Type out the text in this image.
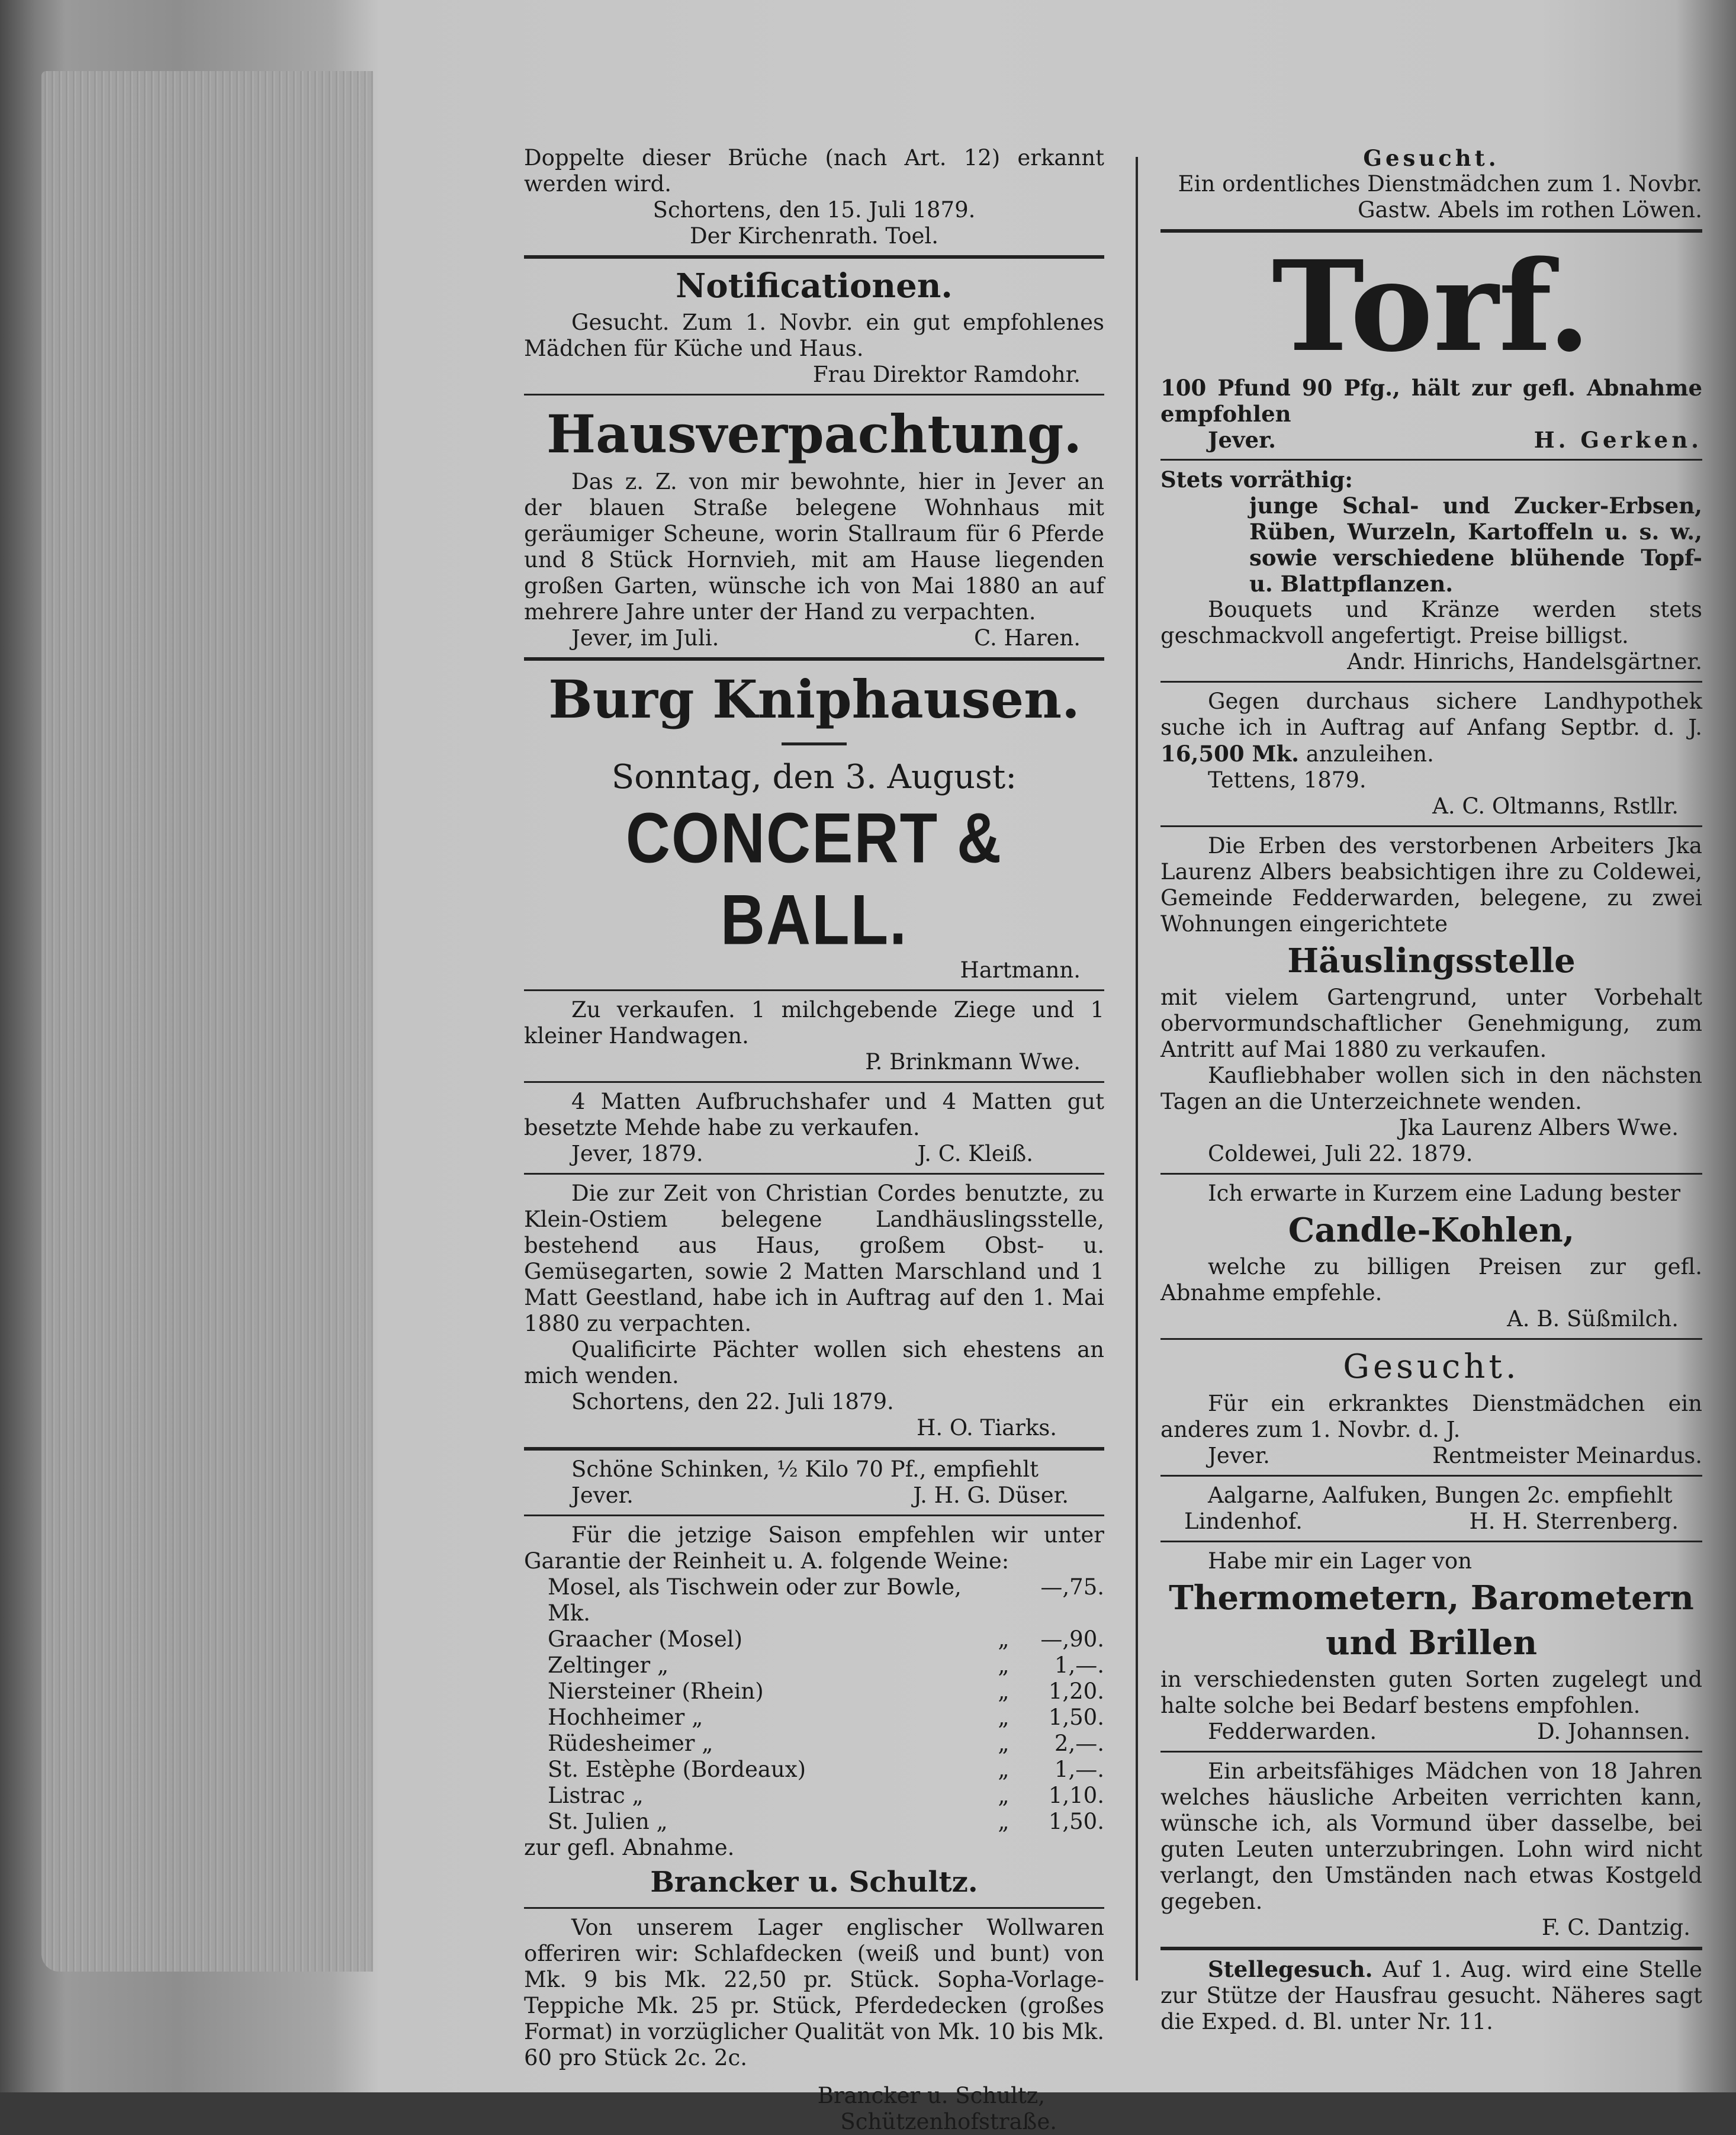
Doppelte dieser Brüche (nach Art. 12) erkannt werden wird.

Schortens, den 15. Juli 1879.

Der Kirchenrath. Toel.

Notificationen.

Gesucht. Zum 1. Novbr. ein gut empfohlenes Mädchen für Küche und Haus.

Frau Direktor Ramdohr.

Hausverpachtung.

Das z. Z. von mir bewohnte, hier in Jever an der blauen Straße belegene Wohnhaus mit geräumiger Scheune, worin Stallraum für 6 Pferde und 8 Stück Hornvieh, mit am Hause liegenden großen Garten, wünsche ich von Mai 1880 an auf mehrere Jahre unter der Hand zu verpachten.

Jever, im Juli.	C. Haren.
Burg Kniphausen.
Sonntag, den 3. August:
CONCERT & BALL.

Hartmann.

Zu verkaufen. 1 milchgebende Ziege und 1 kleiner Handwagen.

P. Brinkmann Wwe.

4 Matten Aufbruchshafer und 4 Matten gut besetzte Mehde habe zu verkaufen.

Jever, 1879.	J. C. Kleiß.

Die zur Zeit von Christian Cordes benutzte, zu Klein-Ostiem belegene Landhäuslingsstelle, bestehend aus Haus, großem Obst- u. Gemüsegarten, sowie 2 Matten Marschland und 1 Matt Geestland, habe ich in Auftrag auf den 1. Mai 1880 zu verpachten.

Qualificirte Pächter wollen sich ehestens an mich wenden.

Schortens, den 22. Juli 1879.

H. O. Tiarks.

Schöne Schinken, ½ Kilo 70 Pf., empfiehlt

Jever.	J. H. G. Düser.

Für die jetzige Saison empfehlen wir unter Garantie der Reinheit u. A. folgende Weine:

Mosel, als Tischwein oder zur Bowle, Mk.
—,75.
Graacher (Mosel)	„	—,90.
Zeltinger „	„	1,—.
Niersteiner (Rhein)	„	1,20.
Hochheimer „	„	1,50.
Rüdesheimer „	„	2,—.
St. Estèphe (Bordeaux)	„	1,—.
Listrac „	„	1,10.
St. Julien „	„	1,50.

zur gefl. Abnahme.

Brancker u. Schultz.

Von unserem Lager englischer Wollwaren offeriren wir: Schlafdecken (weiß und bunt) von Mk. 9 bis Mk. 22,50 pr. Stück. Sopha-Vorlage-Teppiche Mk. 25 pr. Stück, Pferdedecken (großes Format) in vorzüglicher Qualität von Mk. 10 bis Mk. 60 pro Stück 2c. 2c.

Brancker u. Schultz,

Schützenhofstraße.

Gesucht.

Ein ordentliches Dienstmädchen zum 1. Novbr.

Gastw. Abels im rothen Löwen.

Torf.

100 Pfund 90 Pfg., hält zur gefl. Abnahme empfohlen

Jever.	H. Gerken.

Stets vorräthig:

junge Schal- und Zucker-Erbsen, Rüben, Wurzeln, Kartoffeln u. s. w., sowie verschiedene blühende Topf- u. Blattpflanzen.

Bouquets und Kränze werden stets geschmackvoll angefertigt. Preise billigst.

Andr. Hinrichs, Handelsgärtner.

Gegen durchaus sichere Landhypothek suche ich in Auftrag auf Anfang Septbr. d. J. 16,500 Mk. anzuleihen.

Tettens, 1879.

A. C. Oltmanns, Rstllr.

Die Erben des verstorbenen Arbeiters Jka Laurenz Albers beabsichtigen ihre zu Coldewei, Gemeinde Fedderwarden, belegene, zu zwei Wohnungen eingerichtete

Häuslingsstelle

mit vielem Gartengrund, unter Vorbehalt obervormundschaftlicher Genehmigung, zum Antritt auf Mai 1880 zu verkaufen.

Kaufliebhaber wollen sich in den nächsten Tagen an die Unterzeichnete wenden.

Jka Laurenz Albers Wwe.

Coldewei, Juli 22. 1879.

Ich erwarte in Kurzem eine Ladung bester

Candle-Kohlen,

welche zu billigen Preisen zur gefl. Abnahme empfehle.

A. B. Süßmilch.

Gesucht.

Für ein erkranktes Dienstmädchen ein anderes zum 1. Novbr. d. J.

Jever.	Rentmeister Meinardus.

Aalgarne, Aalfuken, Bungen 2c. empfiehlt

Lindenhof.	H. H. Sterrenberg.

Habe mir ein Lager von

Thermometern, Barometern
und Brillen

in verschiedensten guten Sorten zugelegt und halte solche bei Bedarf bestens empfohlen.

Fedderwarden.	D. Johannsen.

Ein arbeitsfähiges Mädchen von 18 Jahren welches häusliche Arbeiten verrichten kann, wünsche ich, als Vormund über dasselbe, bei guten Leuten unterzubringen. Lohn wird nicht verlangt, den Umständen nach etwas Kostgeld gegeben.

F. C. Dantzig.

Stellegesuch. Auf 1. Aug. wird eine Stelle zur Stütze der Hausfrau gesucht. Näheres sagt die Exped. d. Bl. unter Nr. 11.
